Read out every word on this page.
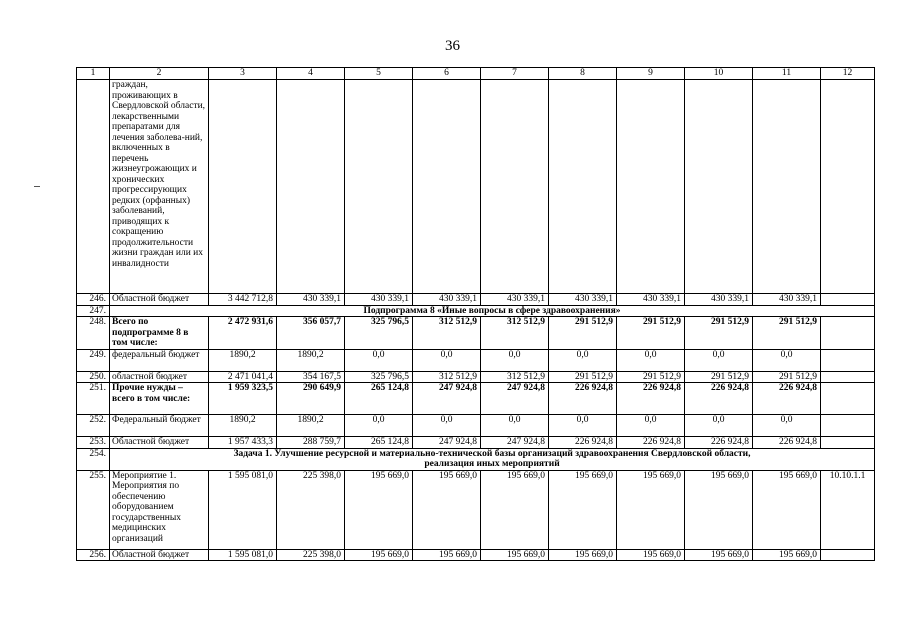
36
1	2	3	4	5	6	7	8	9	10	11	12
	граждан, проживающих в Свердловской области, лекарственными препаратами для лечения заболева-ний, включенных в перечень жизнеугрожающих и хронических прогрессирующих редких (орфанных) заболеваний, приводящих к сокращению продолжительности жизни граждан или их инвалидности										
246.	Областной бюджет	3 442 712,8	430 339,1	430 339,1	430 339,1	430 339,1	430 339,1	430 339,1	430 339,1	430 339,1	
247.	Подпрограмма 8 «Иные вопросы в сфере здравоохранения»										
248.	Всего по подпрограмме 8 в том числе:	2 472 931,6	356 057,7	325 796,5	312 512,9	312 512,9	291 512,9	291 512,9	291 512,9	291 512,9	
249.	федеральный бюджет	1890,2	1890,2	0,0	0,0	0,0	0,0	0,0	0,0	0,0	
250.	областной бюджет	2 471 041,4	354 167,5	325 796,5	312 512,9	312 512,9	291 512,9	291 512,9	291 512,9	291 512,9	
251.	Прочие нужды – всего в том числе:	1 959 323,5	290 649,9	265 124,8	247 924,8	247 924,8	226 924,8	226 924,8	226 924,8	226 924,8	
252.	Федеральный бюджет	1890,2	1890,2	0,0	0,0	0,0	0,0	0,0	0,0	0,0	
253.	Областной бюджет	1 957 433,3	288 759,7	265 124,8	247 924,8	247 924,8	226 924,8	226 924,8	226 924,8	226 924,8	
254.	Задача 1. Улучшение ресурсной и материально-технической базы организаций здравоохранения Свердловской области,
реализация иных мероприятий										

255.	Мероприятие 1. Мероприятия по обеспечению оборудованием государственных медицинских организаций	1 595 081,0	225 398,0	195 669,0	195 669,0	195 669,0	195 669,0	195 669,0	195 669,0	195 669,0	10.10.1.1
256.	Областной бюджет	1 595 081,0	225 398,0	195 669,0	195 669,0	195 669,0	195 669,0	195 669,0	195 669,0	195 669,0	
